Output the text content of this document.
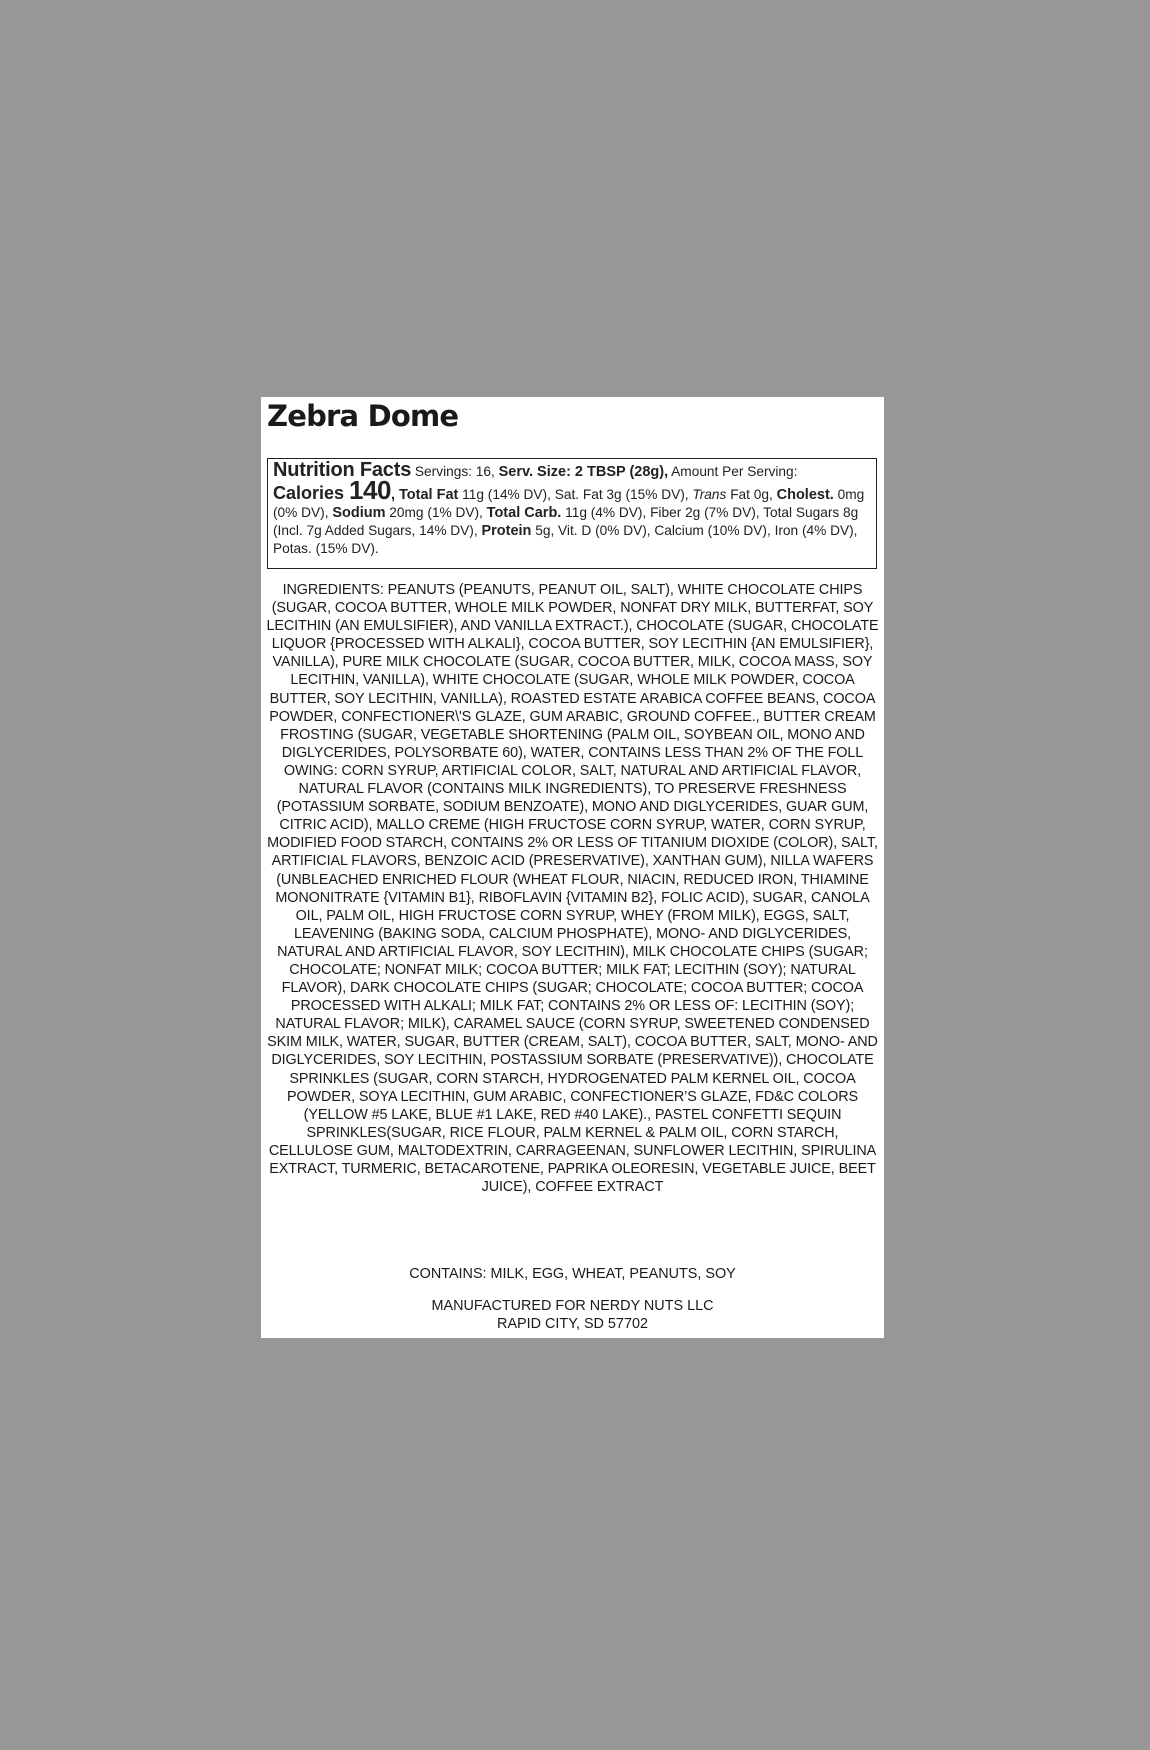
Zebra Dome
Nutrition Facts Servings: 16, Serv. Size: 2 TBSP (28g), Amount Per Serving: Calories 140, Total Fat 11g (14% DV), Sat. Fat 3g (15% DV), Trans Fat 0g, Cholest. 0mg (0% DV), Sodium 20mg (1% DV), Total Carb. 11g (4% DV), Fiber 2g (7% DV), Total Sugars 8g (Incl. 7g Added Sugars, 14% DV), Protein 5g, Vit. D (0% DV), Calcium (10% DV), Iron (4% DV), Potas. (15% DV).

INGREDIENTS: PEANUTS (PEANUTS, PEANUT OIL, SALT), WHITE CHOCOLATE CHIPS (SUGAR, COCOA BUTTER, WHOLE MILK POWDER, NONFAT DRY MILK, BUTTERFAT, SOY LECITHIN (AN EMULSIFIER), AND VANILLA EXTRACT.), CHOCOLATE (SUGAR, CHOCOLATE LIQUOR {PROCESSED WITH ALKALI}, COCOA BUTTER, SOY LECITHIN {AN EMULSIFIER}, VANILLA), PURE MILK CHOCOLATE (SUGAR, COCOA BUTTER, MILK, COCOA MASS, SOY LECITHIN, VANILLA), WHITE CHOCOLATE (SUGAR, WHOLE MILK POWDER, COCOA BUTTER, SOY LECITHIN, VANILLA), ROASTED ESTATE ARABICA COFFEE BEANS, COCOA POWDER, CONFECTIONER\'S GLAZE, GUM ARABIC, GROUND COFFEE., BUTTER CREAM FROSTING (SUGAR, VEGETABLE SHORTENING (PALM OIL, SOYBEAN OIL, MONO AND DIGLYCERIDES, POLYSORBATE 60), WATER, CONTAINS LESS THAN 2% OF THE FOLL OWING: CORN SYRUP, ARTIFICIAL COLOR, SALT, NATURAL AND ARTIFICIAL FLAVOR, NATURAL FLAVOR (CONTAINS MILK INGREDIENTS), TO PRESERVE FRESHNESS (POTASSIUM SORBATE, SODIUM BENZOATE), MONO AND DIGLYCERIDES, GUAR GUM, CITRIC ACID), MALLO CREME (HIGH FRUCTOSE CORN SYRUP, WATER, CORN SYRUP, MODIFIED FOOD STARCH, CONTAINS 2% OR LESS OF TITANIUM DIOXIDE (COLOR), SALT, ARTIFICIAL FLAVORS, BENZOIC ACID (PRESERVATIVE), XANTHAN GUM), NILLA WAFERS (UNBLEACHED ENRICHED FLOUR (WHEAT FLOUR, NIACIN, REDUCED IRON, THIAMINE MONONITRATE {VITAMIN B1}, RIBOFLAVIN {VITAMIN B2}, FOLIC ACID), SUGAR, CANOLA OIL, PALM OIL, HIGH FRUCTOSE CORN SYRUP, WHEY (FROM MILK), EGGS, SALT, LEAVENING (BAKING SODA, CALCIUM PHOSPHATE), MONO- AND DIGLYCERIDES, NATURAL AND ARTIFICIAL FLAVOR, SOY LECITHIN), MILK CHOCOLATE CHIPS (SUGAR; CHOCOLATE; NONFAT MILK; COCOA BUTTER; MILK FAT; LECITHIN (SOY); NATURAL FLAVOR), DARK CHOCOLATE CHIPS (SUGAR; CHOCOLATE; COCOA BUTTER; COCOA PROCESSED WITH ALKALI; MILK FAT; CONTAINS 2% OR LESS OF: LECITHIN (SOY); NATURAL FLAVOR; MILK), CARAMEL SAUCE (CORN SYRUP, SWEETENED CONDENSED SKIM MILK, WATER, SUGAR, BUTTER (CREAM, SALT), COCOA BUTTER, SALT, MONO- AND DIGLYCERIDES, SOY LECITHIN, POSTASSIUM SORBATE (PRESERVATIVE)), CHOCOLATE SPRINKLES (SUGAR, CORN STARCH, HYDROGENATED PALM KERNEL OIL, COCOA POWDER, SOYA LECITHIN, GUM ARABIC, CONFECTIONER’S GLAZE, FD&C COLORS (YELLOW #5 LAKE, BLUE #1 LAKE, RED #40 LAKE)., PASTEL CONFETTI SEQUIN SPRINKLES(SUGAR, RICE FLOUR, PALM KERNEL & PALM OIL, CORN STARCH, CELLULOSE GUM, MALTODEXTRIN, CARRAGEENAN, SUNFLOWER LECITHIN, SPIRULINA EXTRACT, TURMERIC, BETACAROTENE, PAPRIKA OLEORESIN, VEGETABLE JUICE, BEET JUICE), COFFEE EXTRACT

CONTAINS: MILK, EGG, WHEAT, PEANUTS, SOY

MANUFACTURED FOR NERDY NUTS LLC
RAPID CITY, SD 57702
